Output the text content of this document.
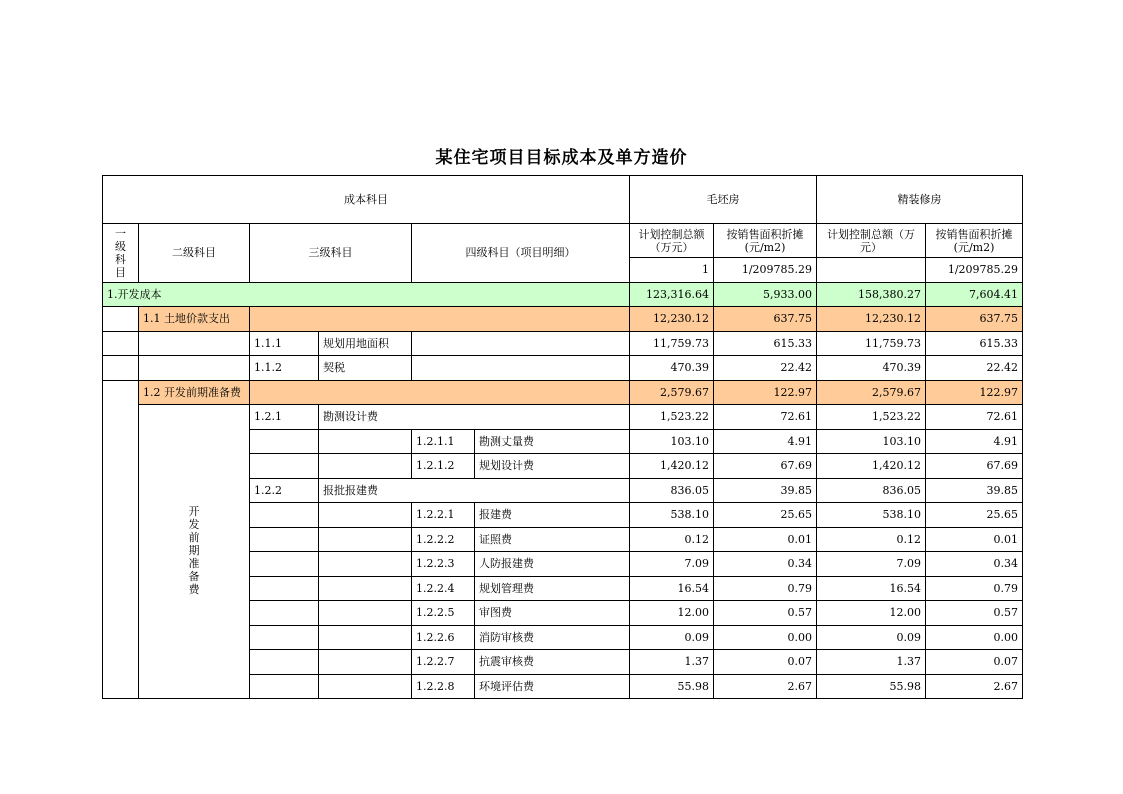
某住宅项目目标成本及单方造价
成本科目						毛坯房		精装修房	
一级科目	二级科目	三级科目		四级科目（项目明细）		计划控制总额（万元）	按销售面积折摊(元/m2)	计划控制总额（万元）	按销售面积折摊(元/m2)
						1	1/209785.29		1/209785.29
1.开发成本						123,316.64	5,933.00	158,380.27	7,604.41
	1.1 土地价款支出					12,230.12	637.75	12,230.12	637.75
		1.1.1	规划用地面积			11,759.73	615.33	11,759.73	615.33
		1.1.2	契税			470.39	22.42	470.39	22.42
	1.2 开发前期准备费					2,579.67	122.97	2,579.67	122.97
	开发前期准备费	1.2.1	勘测设计费			1,523.22	72.61	1,523.22	72.61
				1.2.1.1	勘测丈量费	103.10	4.91	103.10	4.91
				1.2.1.2	规划设计费	1,420.12	67.69	1,420.12	67.69
		1.2.2	报批报建费			836.05	39.85	836.05	39.85
				1.2.2.1	报建费	538.10	25.65	538.10	25.65
				1.2.2.2	证照费	0.12	0.01	0.12	0.01
				1.2.2.3	人防报建费	7.09	0.34	7.09	0.34
				1.2.2.4	规划管理费	16.54	0.79	16.54	0.79
				1.2.2.5	审图费	12.00	0.57	12.00	0.57
				1.2.2.6	消防审核费	0.09	0.00	0.09	0.00
				1.2.2.7	抗震审核费	1.37	0.07	1.37	0.07
				1.2.2.8	环境评估费	55.98	2.67	55.98	2.67
